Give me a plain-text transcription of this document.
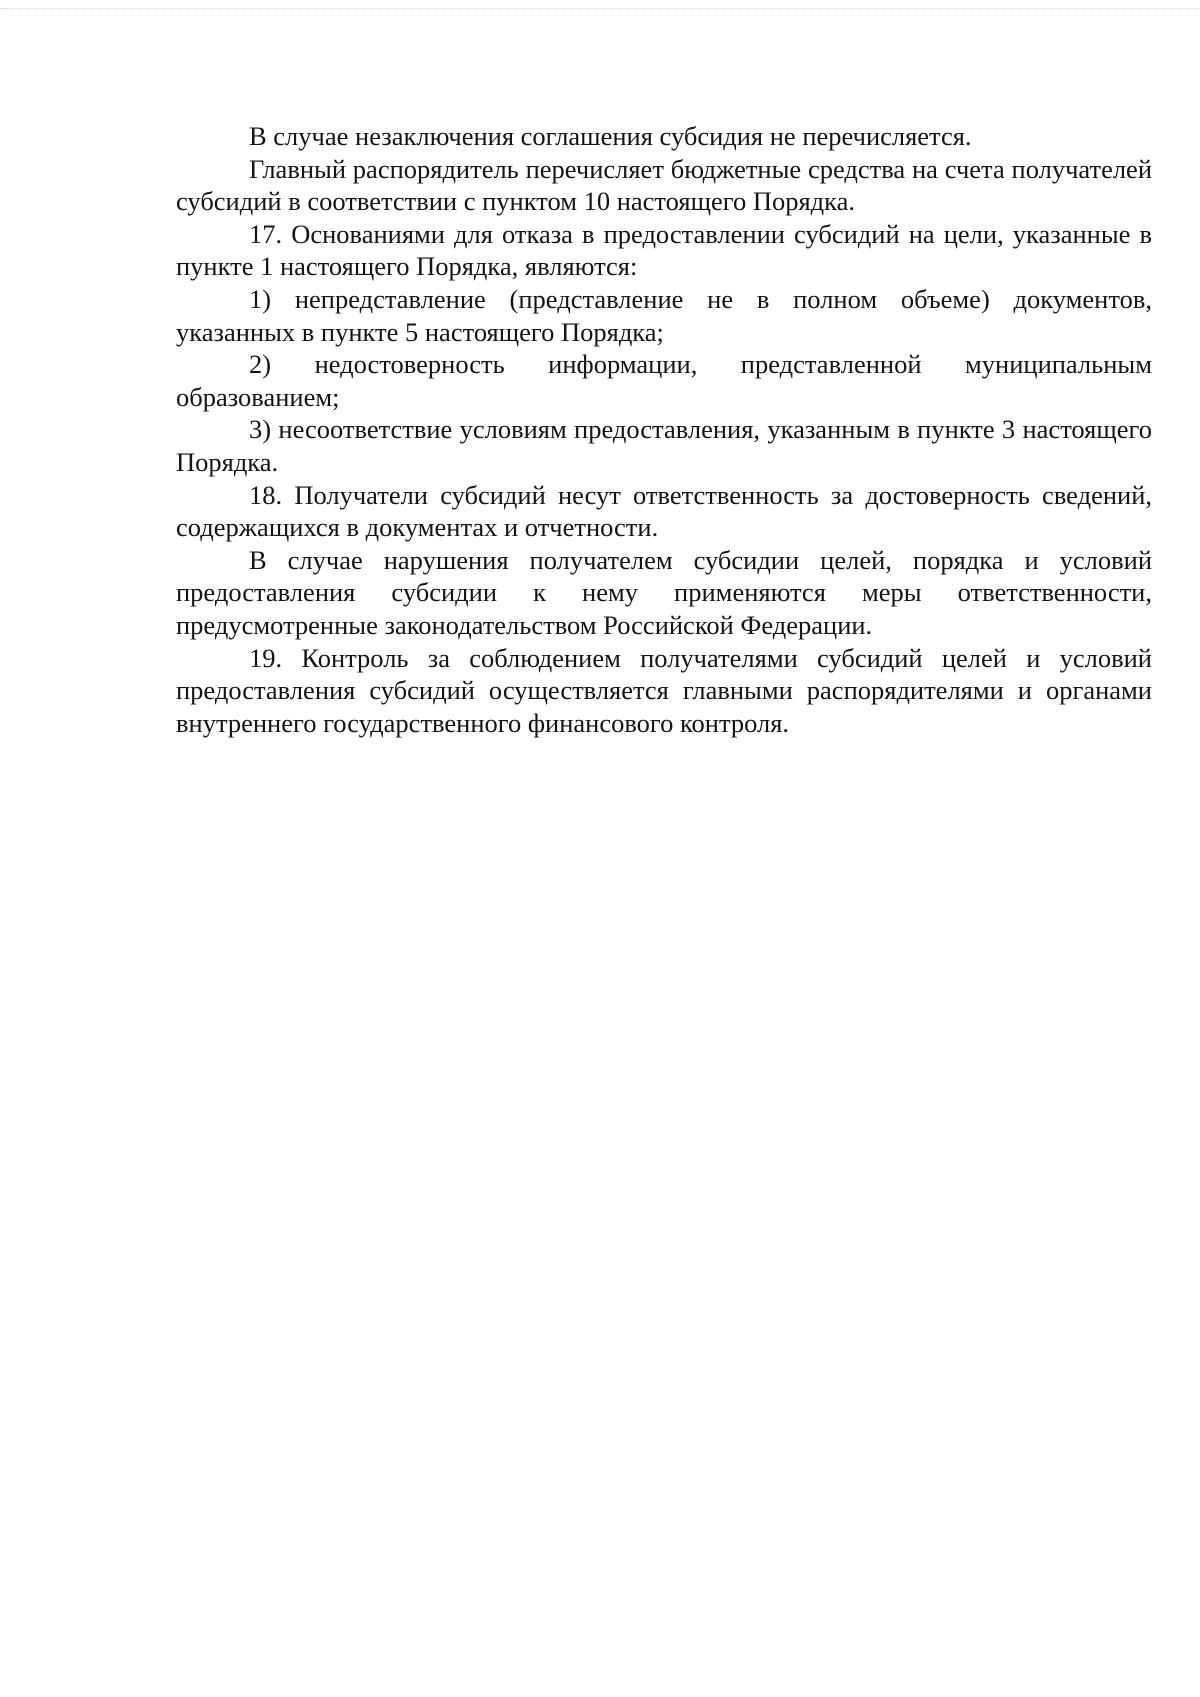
В случае незаключения соглашения субсидия не перечисляется.

Главный распорядитель перечисляет бюджетные средства на счета получателей субсидий в соответствии с пунктом 10 настоящего Порядка.

17. Основаниями для отказа в предоставлении субсидий на цели, указанные в пункте 1 настоящего Порядка, являются:

1) непредставление (представление не в полном объеме) документов, указанных в пункте 5 настоящего Порядка;

2) недостоверность информации, представленной муниципальным образованием;

3) несоответствие условиям предоставления, указанным в пункте 3 настоящего Порядка.

18. Получатели субсидий несут ответственность за достоверность сведений, содержащихся в документах и отчетности.

В случае нарушения получателем субсидии целей, порядка и условий предоставления субсидии к нему применяются меры ответственности, предусмотренные законодательством Российской Федерации.

19. Контроль за соблюдением получателями субсидий целей и условий предоставления субсидий осуществляется главными распорядителями и органами внутреннего государственного финансового контроля.
